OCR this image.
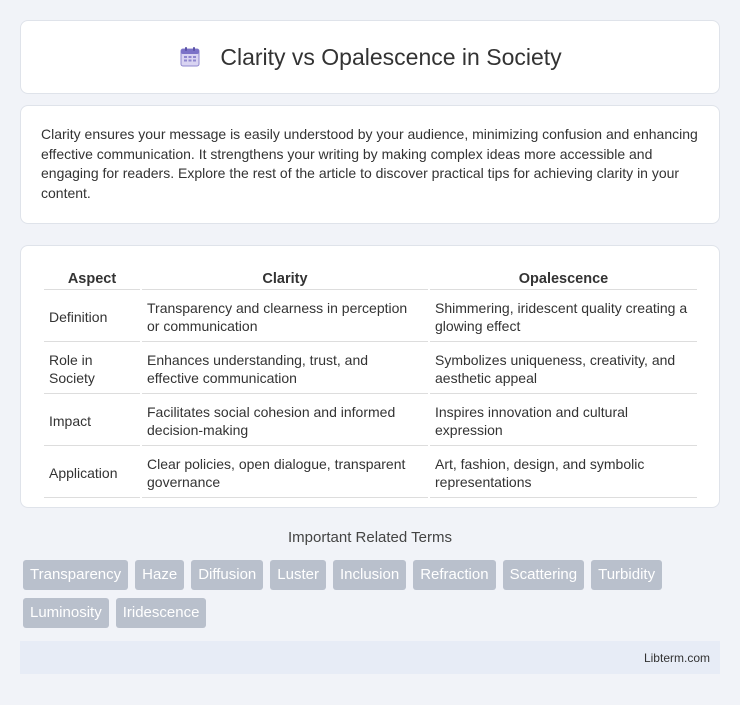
Clarity vs Opalescence in Society

Clarity ensures your message is easily understood by your audience, minimizing confusion and enhancing effective communication. It strengthens your writing by making complex ideas more accessible and engaging for readers. Explore the rest of the article to discover practical tips for achieving clarity in your content.

Aspect	Clarity	Opalescence
Definition	Transparency and clearness in perception or communication	Shimmering, iridescent quality creating a glowing effect
Role in Society	Enhances understanding, trust, and effective communication	Symbolizes uniqueness, creativity, and aesthetic appeal
Impact	Facilitates social cohesion and informed decision-making	Inspires innovation and cultural expression
Application	Clear policies, open dialogue, transparent governance	Art, fashion, design, and symbolic representations
Important Related Terms
Transparency	Haze	Diffusion	Luster	Inclusion	Refraction	Scattering	Turbidity
Luminosity	Iridescence
Libterm.com
